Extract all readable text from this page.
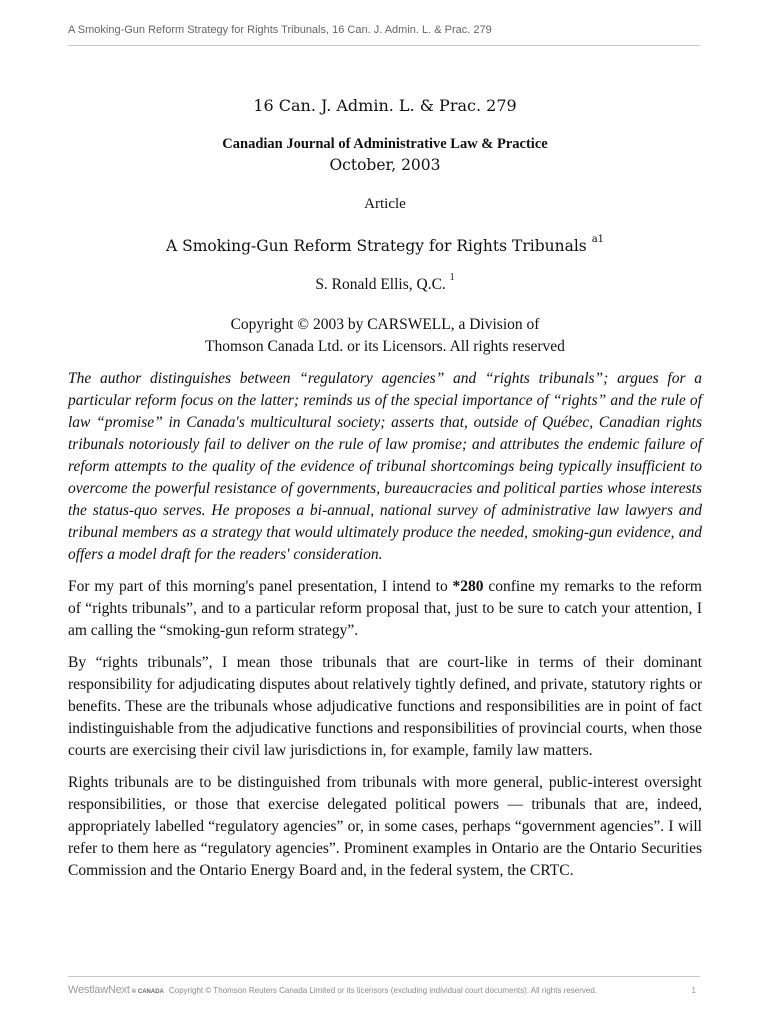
A Smoking-Gun Reform Strategy for Rights Tribunals, 16 Can. J. Admin. L. & Prac. 279

16 Can. J. Admin. L. & Prac. 279

Canadian Journal of Administrative Law & Practice

October, 2003

Article

A Smoking-Gun Reform Strategy for Rights Tribunals $^{a1}$

S. Ronald Ellis, Q.C. $^1$

Copyright © 2003 by CARSWELL, a Division of
Thomson Canada Ltd. or its Licensors. All rights reserved

The author distinguishes between “regulatory agencies” and “rights tribunals”; argues for a particular reform focus on the latter; reminds us of the special importance of “rights” and the rule of law “promise” in Canada's multicultural society; asserts that, outside of Québec, Canadian rights tribunals notoriously fail to deliver on the rule of law promise; and attributes the endemic failure of reform attempts to the quality of the evidence of tribunal shortcomings being typically insufficient to overcome the powerful resistance of governments, bureaucracies and political parties whose interests the status-quo serves. He proposes a bi-annual, national survey of administrative law lawyers and tribunal members as a strategy that would ultimately produce the needed, smoking-gun evidence, and offers a model draft for the readers' consideration.

For my part of this morning's panel presentation, I intend to *280 confine my remarks to the reform of “rights tribunals”, and to a particular reform proposal that, just to be sure to catch your attention, I am calling the “smoking-gun reform strategy”.

By “rights tribunals”, I mean those tribunals that are court-like in terms of their dominant responsibility for adjudicating disputes about relatively tightly defined, and private, statutory rights or benefits. These are the tribunals whose adjudicative functions and responsibilities are in point of fact indistinguishable from the adjudicative functions and responsibilities of provincial courts, when those courts are exercising their civil law jurisdictions in, for example, family law matters.

Rights tribunals are to be distinguished from tribunals with more general, public-interest oversight responsibilities, or those that exercise delegated political powers — tribunals that are, indeed, appropriately labelled “regulatory agencies” or, in some cases, perhaps “government agencies”. I will refer to them here as “regulatory agencies”. Prominent examples in Ontario are the Ontario Securities Commission and the Ontario Energy Board and, in the federal system, the CRTC.

WestlawNext © CANADA Copyright © Thomson Reuters Canada Limited or its licensors (excluding individual court documents). All rights reserved.	1
